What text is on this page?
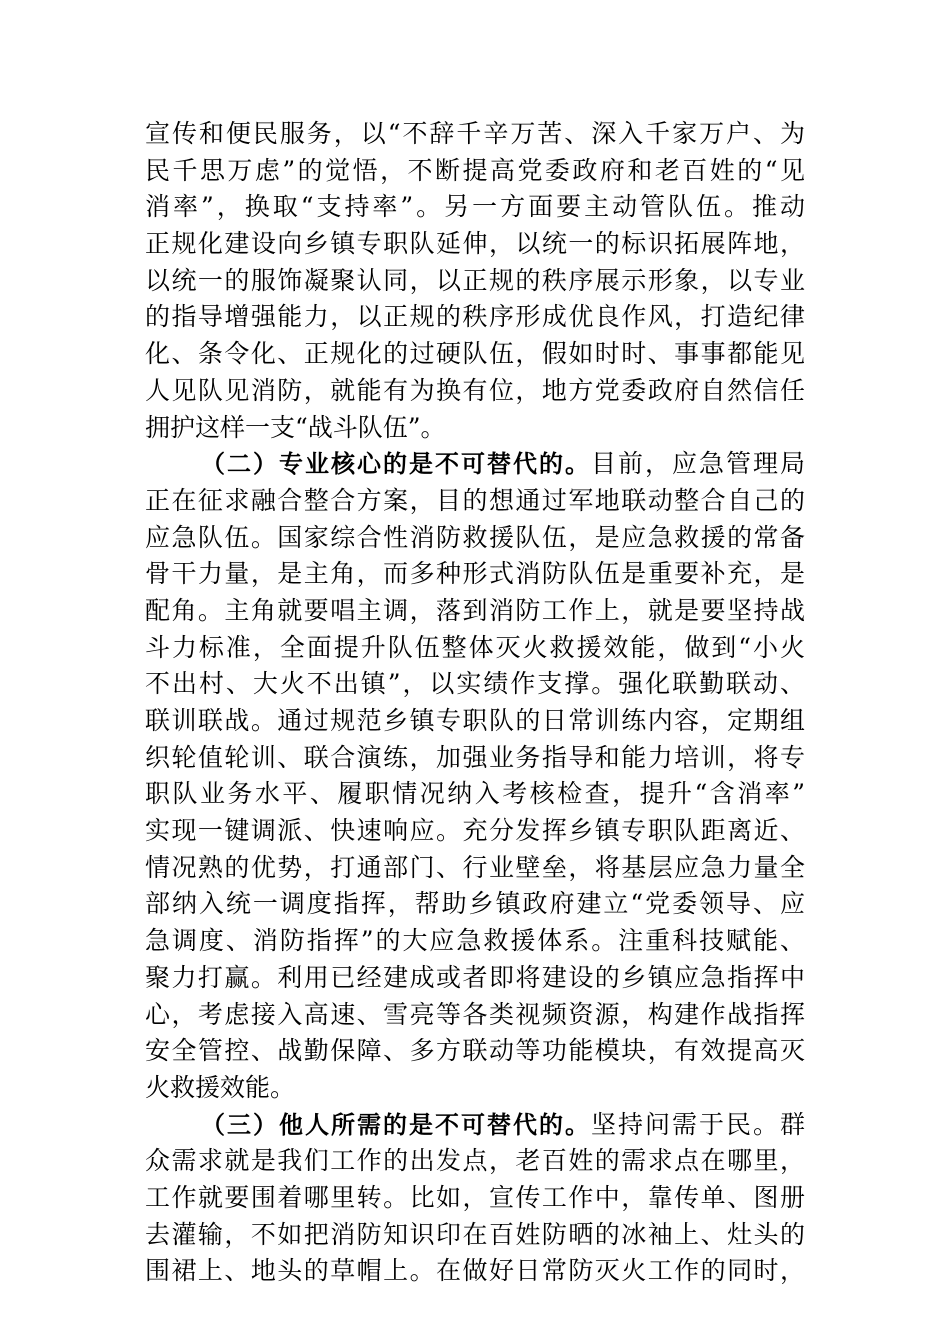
宣传和便民服务，以“不辞千辛万苦、深入千家万户、为
民千思万虑”的觉悟，不断提高党委政府和老百姓的“见
消率”，换取“支持率”。另一方面要主动管队伍。推动
正规化建设向乡镇专职队延伸，以统一的标识拓展阵地，
以统一的服饰凝聚认同，以正规的秩序展示形象，以专业
的指导增强能力，以正规的秩序形成优良作风，打造纪律
化、条令化、正规化的过硬队伍，假如时时、事事都能见
人见队见消防，就能有为换有位，地方党委政府自然信任
拥护这样一支“战斗队伍”。
（二）专业核心的是不可替代的。目前，应急管理局
正在征求融合整合方案，目的想通过军地联动整合自己的
应急队伍。国家综合性消防救援队伍，是应急救援的常备
骨干力量，是主角，而多种形式消防队伍是重要补充，是
配角。主角就要唱主调，落到消防工作上，就是要坚持战
斗力标准，全面提升队伍整体灭火救援效能，做到“小火
不出村、大火不出镇”，以实绩作支撑。强化联勤联动、
联训联战。通过规范乡镇专职队的日常训练内容，定期组
织轮值轮训、联合演练，加强业务指导和能力培训，将专
职队业务水平、履职情况纳入考核检查，提升“含消率”
实现一键调派、快速响应。充分发挥乡镇专职队距离近、
情况熟的优势，打通部门、行业壁垒，将基层应急力量全
部纳入统一调度指挥，帮助乡镇政府建立“党委领导、应
急调度、消防指挥”的大应急救援体系。注重科技赋能、
聚力打赢。利用已经建成或者即将建设的乡镇应急指挥中
心，考虑接入高速、雪亮等各类视频资源，构建作战指挥
安全管控、战勤保障、多方联动等功能模块，有效提高灭
火救援效能。
（三）他人所需的是不可替代的。坚持问需于民。群
众需求就是我们工作的出发点，老百姓的需求点在哪里，
工作就要围着哪里转。比如，宣传工作中，靠传单、图册
去灌输，不如把消防知识印在百姓防晒的冰袖上、灶头的
围裙上、地头的草帽上。在做好日常防灭火工作的同时，
